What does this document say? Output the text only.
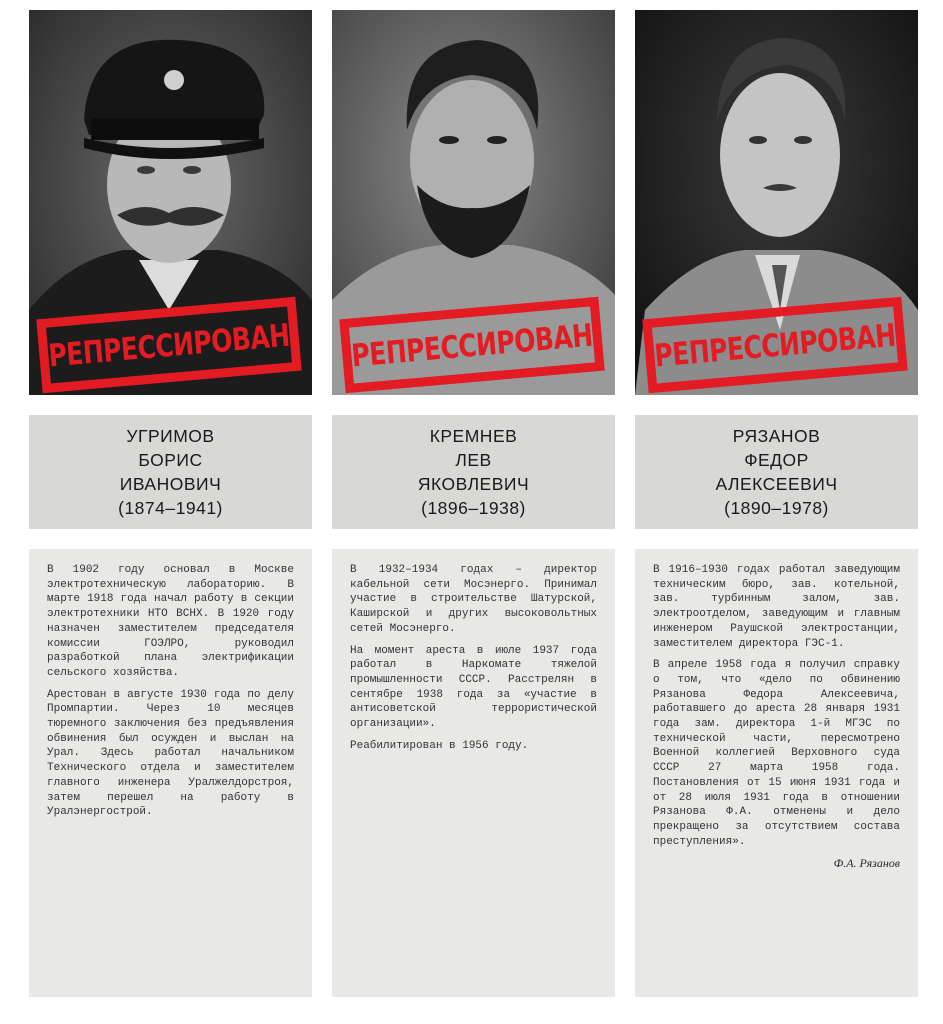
РЕПРЕССИРОВАН
УГРИМОВ
БОРИС
ИВАНОВИЧ
(1874–1941)

В 1902 году основал в Москве электротехническую лабораторию. В марте 1918 года начал работу в секции электротехники НТО ВСНХ. В 1920 году назначен заместителем председателя комиссии ГОЭЛРО, руководил разработкой плана электрификации сельского хозяйства.

Арестован в августе 1930 года по делу Промпартии. Через 10 месяцев тюремного заключения без предъявления обвинения был осужден и выслан на Урал. Здесь работал начальником Технического отдела и заместителем главного инженера Уралжелдорстроя, затем перешел на работу в Уралэнергострой.

РЕПРЕССИРОВАН
КРЕМНЕВ
ЛЕВ
ЯКОВЛЕВИЧ
(1896–1938)

В 1932–1934 годах – директор кабельной сети Мосэнерго. Принимал участие в строительстве Шатурской, Каширской и других высоковольтных сетей Мосэнерго.

На момент ареста в июле 1937 года работал в Наркомате тяжелой промышленности СССР. Расстрелян в сентябре 1938 года за «участие в антисоветской террористической организации».

Реабилитирован в 1956 году.

РЕПРЕССИРОВАН
РЯЗАНОВ
ФЕДОР
АЛЕКСЕЕВИЧ
(1890–1978)

В 1916–1930 годах работал заведующим техническим бюро, зав. котельной, зав. турбинным залом, зав. электроотделом, заведующим и главным инженером Раушской электростанции, заместителем директора ГЭС-1.

В апреле 1958 года я получил справку о том, что «дело по обвинению Рязанова Федора Алексеевича, работавшего до ареста 28 января 1931 года зам. директора 1-й МГЭС по технической части, пересмотрено Военной коллегией Верховного суда СССР 27 марта 1958 года. Постановления от 15 июня 1931 года и от 28 июля 1931 года в отношении Рязанова Ф.А. отменены и дело прекращено за отсутствием состава преступления».

Ф.А. Рязанов
